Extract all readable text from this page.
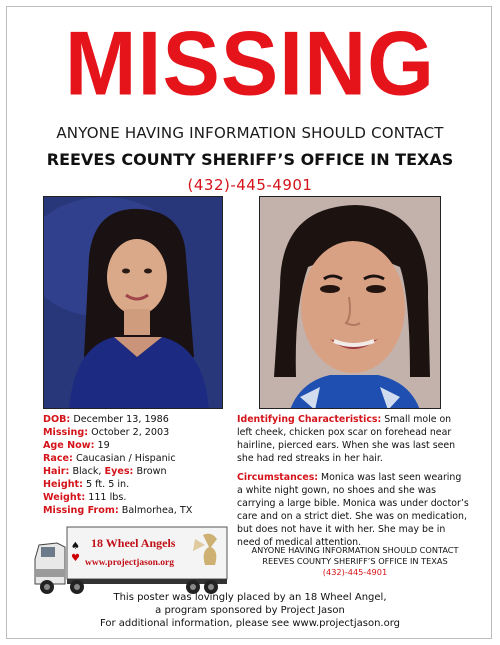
MISSING
ANYONE HAVING INFORMATION SHOULD CONTACT
REEVES COUNTY SHERIFF’S OFFICE IN TEXAS
(432)-445-4901
DOB: December 13, 1986
Missing: October 2, 2003
Age Now: 19
Race: Caucasian / Hispanic
Hair: Black, Eyes: Brown
Height: 5 ft. 5 in.
Weight: 111 lbs.
Missing From: Balmorhea, TX

Identifying Characteristics: Small mole on left cheek, chicken pox scar on forehead near hairline, pierced ears. When she was last seen she had red streaks in her hair.

Circumstances: Monica was last seen wearing a white night gown, no shoes and she was carrying a large bible. Monica was under doctor’s care and on a strict diet. She was on medication, but does not have it with her. She may be in need of medical attention.

♠
♥
18 Wheel Angels
www.projectjason.org
ANYONE HAVING INFORMATION SHOULD CONTACT
REEVES COUNTY SHERIFF’S OFFICE IN TEXAS
(432)-445-4901
This poster was lovingly placed by an 18 Wheel Angel,
a program sponsored by Project Jason
For additional information, please see www.projectjason.org
